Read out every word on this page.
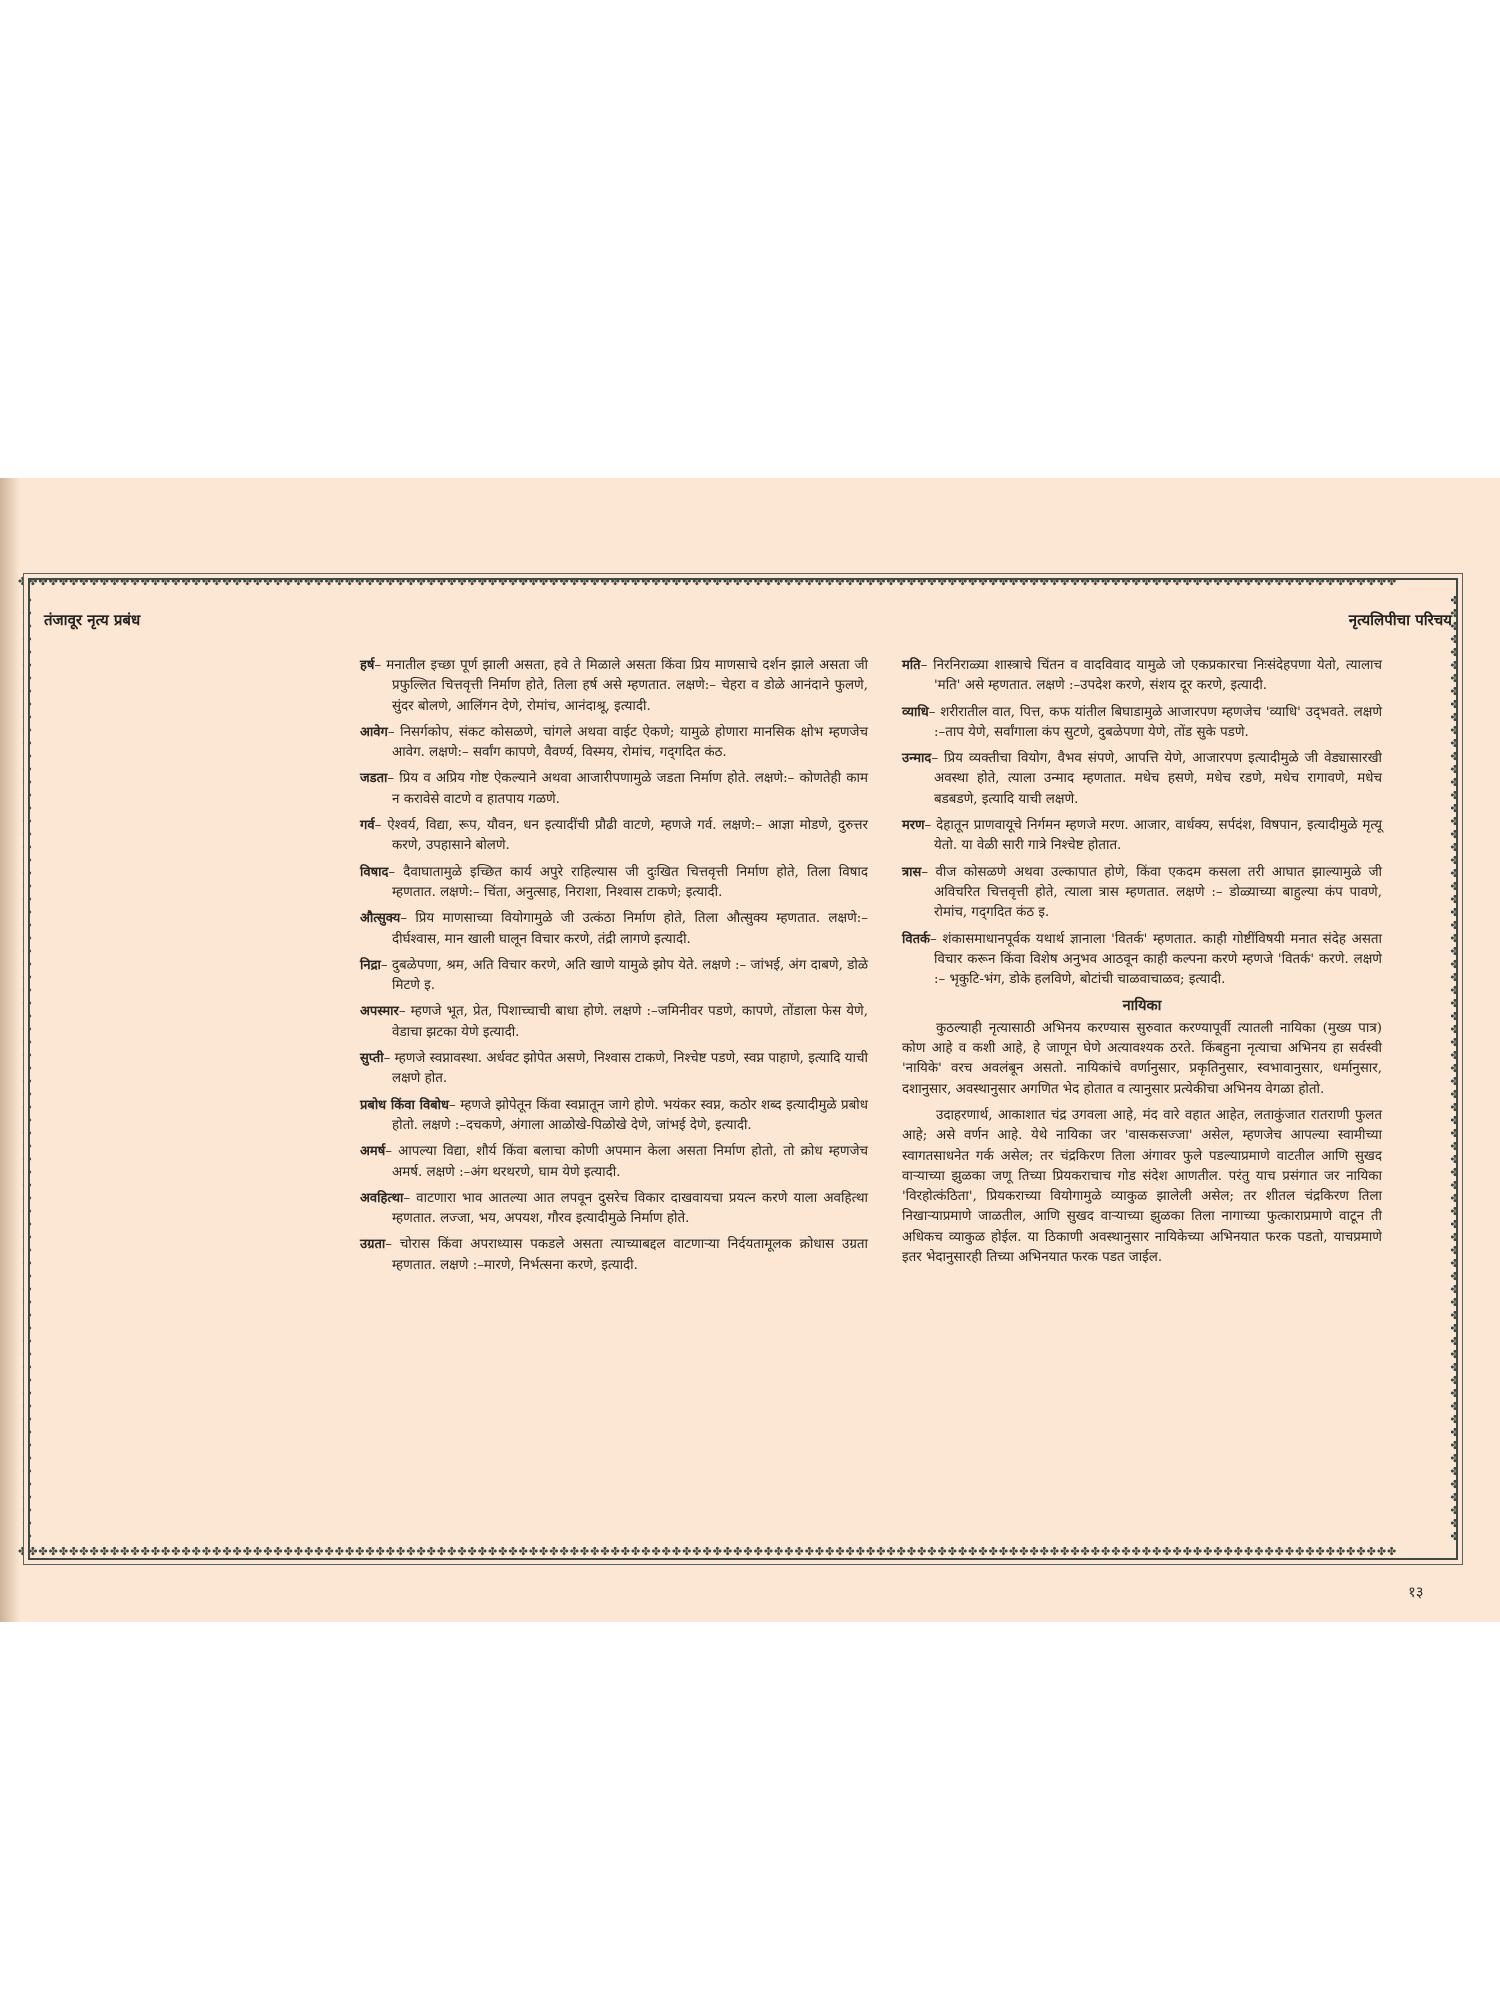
✤✤✤✤✤✤✤✤✤✤✤✤✤✤✤✤✤✤✤✤✤✤✤✤✤✤✤✤✤✤✤✤✤✤✤✤✤✤✤✤✤✤✤✤✤✤✤✤✤✤✤✤✤✤✤✤✤✤✤✤✤✤✤✤✤✤✤✤✤✤✤✤✤✤✤✤✤✤✤✤✤✤✤✤✤✤✤✤✤✤✤✤✤✤✤✤✤✤✤✤✤✤✤✤✤✤✤✤✤✤✤✤✤✤✤✤✤✤✤✤✤✤✤✤✤✤✤✤✤✤✤✤✤✤✤
✤✤✤✤✤✤✤✤✤✤✤✤✤✤✤✤✤✤✤✤✤✤✤✤✤✤✤✤✤✤✤✤✤✤✤✤✤✤✤✤✤✤✤✤✤✤✤✤✤✤✤✤✤✤✤✤✤✤✤✤✤✤✤✤✤✤✤✤✤✤✤✤✤✤✤✤✤✤✤✤✤✤✤✤✤✤✤✤✤✤✤✤✤✤✤✤✤✤✤✤✤✤✤✤✤✤✤✤✤✤✤✤✤✤✤✤✤✤✤✤✤✤✤✤✤✤✤✤✤✤✤✤✤✤✤
✤✤✤✤✤✤✤✤✤✤✤✤✤✤✤✤✤✤✤✤✤✤✤✤✤✤✤✤✤✤✤✤✤✤✤✤✤✤✤✤✤✤✤✤✤✤✤✤✤✤✤✤✤✤✤✤✤✤✤✤✤✤✤✤✤✤✤✤✤✤✤✤✤
✤✤✤✤✤✤✤✤✤✤✤✤✤✤✤✤✤✤✤✤✤✤✤✤✤✤✤✤✤✤✤✤✤✤✤✤✤✤✤✤✤✤✤✤✤✤✤✤✤✤✤✤✤✤✤✤✤✤✤✤✤✤✤✤✤✤✤✤✤✤✤✤✤
तंजावूर नृत्य प्रबंध	नृत्यलिपीचा परिचय

हर्ष– मनातील इच्छा पूर्ण झाली असता, हवे ते मिळाले असता किंवा प्रिय माणसाचे दर्शन झाले असता जी प्रफुल्लित चित्तवृत्ती निर्माण होते, तिला हर्ष असे म्हणतात. लक्षणे:– चेहरा व डोळे आनंदाने फुलणे, सुंदर बोलणे, आलिंगन देणे, रोमांच, आनंदाश्रू, इत्यादी.

आवेग– निसर्गकोप, संकट कोसळणे, चांगले अथवा वाईट ऐकणे; यामुळे होणारा मानसिक क्षोभ म्हणजेच आवेग. लक्षणे:– सर्वांग कापणे, वैवर्ण्य, विस्मय, रोमांच, गद्‌गदित कंठ.

जडता– प्रिय व अप्रिय गोष्ट ऐकल्याने अथवा आजारीपणामुळे जडता निर्माण होते. लक्षणे:– कोणतेही काम न करावेसे वाटणे व हातपाय गळणे.

गर्व– ऐश्वर्य, विद्या, रूप, यौवन, धन इत्यादींची प्रौढी वाटणे, म्हणजे गर्व. लक्षणे:– आज्ञा मोडणे, दुरुत्तर करणे, उपहासाने बोलणे.

विषाद– दैवाघातामुळे इच्छित कार्य अपुरे राहिल्यास जी दुःखित चित्तवृत्ती निर्माण होते, तिला विषाद म्हणतात. लक्षणे:– चिंता, अनुत्साह, निराशा, निश्वास टाकणे; इत्यादी.

औत्सुक्य– प्रिय माणसाच्या वियोगामुळे जी उत्कंठा निर्माण होते, तिला औत्सुक्य म्हणतात. लक्षणे:– दीर्घश्वास, मान खाली घालून विचार करणे, तंद्री लागणे इत्यादी.

निद्रा– दुबळेपणा, श्रम, अति विचार करणे, अति खाणे यामुळे झोप येते. लक्षणे :– जांभई, अंग दाबणे, डोळे मिटणे इ.

अपस्मार– म्हणजे भूत, प्रेत, पिशाच्चाची बाधा होणे. लक्षणे :–जमिनीवर पडणे, कापणे, तोंडाला फेस येणे, वेडाचा झटका येणे इत्यादी.

सुप्ती– म्हणजे स्वप्नावस्था. अर्धवट झोपेत असणे, निश्वास टाकणे, निश्चेष्ट पडणे, स्वप्न पाहाणे, इत्यादि याची लक्षणे होत.

प्रबोध किंवा विबोध– म्हणजे झोपेतून किंवा स्वप्नातून जागे होणे. भयंकर स्वप्न, कठोर शब्द इत्यादीमुळे प्रबोध होतो. लक्षणे :–दचकणे, अंगाला आळोखे-पिळोखे देणे, जांभई देणे, इत्यादी.

अमर्ष– आपल्या विद्या, शौर्य किंवा बलाचा कोणी अपमान केला असता निर्माण होतो, तो क्रोध म्हणजेच अमर्ष. लक्षणे :–अंग थरथरणे, घाम येणे इत्यादी.

अवहित्था– वाटणारा भाव आतल्या आत लपवून दुसरेच विकार दाखवायचा प्रयत्न करणे याला अवहित्था म्हणतात. लज्जा, भय, अपयश, गौरव इत्यादीमुळे निर्माण होते.

उग्रता– चोरास किंवा अपराध्यास पकडले असता त्याच्याबद्दल वाटणाऱ्या निर्दयतामूलक क्रोधास उग्रता म्हणतात. लक्षणे :–मारणे, निर्भत्सना करणे, इत्यादी.

मति– निरनिराळ्या शास्त्राचे चिंतन व वादविवाद यामुळे जो एकप्रकारचा निःसंदेहपणा येतो, त्यालाच 'मति' असे म्हणतात. लक्षणे :–उपदेश करणे, संशय दूर करणे, इत्यादी.

व्याधि– शरीरातील वात, पित्त, कफ यांतील बिघाडामुळे आजारपण म्हणजेच 'व्याधि' उद्‌भवते. लक्षणे :–ताप येणे, सर्वांगाला कंप सुटणे, दुबळेपणा येणे, तोंड सुके पडणे.

उन्माद– प्रिय व्यक्तीचा वियोग, वैभव संपणे, आपत्ति येणे, आजारपण इत्यादीमुळे जी वेड्यासारखी अवस्था होते, त्याला उन्माद म्हणतात. मधेच हसणे, मधेच रडणे, मधेच रागावणे, मधेच बडबडणे, इत्यादि याची लक्षणे.

मरण– देहातून प्राणवायूचे निर्गमन म्हणजे मरण. आजार, वार्धक्य, सर्पदंश, विषपान, इत्यादीमुळे मृत्यू येतो. या वेळी सारी गात्रे निश्चेष्ट होतात.

त्रास– वीज कोसळणे अथवा उल्कापात होणे, किंवा एकदम कसला तरी आघात झाल्यामुळे जी अविचरित चित्तवृत्ती होते, त्याला त्रास म्हणतात. लक्षणे :– डोळ्याच्या बाहुल्या कंप पावणे, रोमांच, गद्‌गदित कंठ इ.

वितर्क– शंकासमाधानपूर्वक यथार्थ ज्ञानाला 'वितर्क' म्हणतात. काही गोष्टींविषयी मनात संदेह असता विचार करून किंवा विशेष अनुभव आठवून काही कल्पना करणे म्हणजे 'वितर्क' करणे. लक्षणे :– भृकुटि-भंग, डोके हलविणे, बोटांची चाळवाचाळव; इत्यादी.

नायिका

कुठल्याही नृत्यासाठी अभिनय करण्यास सुरुवात करण्यापूर्वी त्यातली नायिका (मुख्य पात्र) कोण आहे व कशी आहे, हे जाणून घेणे अत्यावश्यक ठरते. किंबहुना नृत्याचा अभिनय हा सर्वस्वी 'नायिके' वरच अवलंबून असतो. नायिकांचे वर्णानुसार, प्रकृतिनुसार, स्वभावानुसार, धर्मानुसार, दशानुसार, अवस्थानुसार अगणित भेद होतात व त्यानुसार प्रत्येकीचा अभिनय वेगळा होतो.

उदाहरणार्थ, आकाशात चंद्र उगवला आहे, मंद वारे वहात आहेत, लताकुंजात रातराणी फुलत आहे; असे वर्णन आहे. येथे नायिका जर 'वासकसज्जा' असेल, म्हणजेच आपल्या स्वामीच्या स्वागतसाधनेत गर्क असेल; तर चंद्रकिरण तिला अंगावर फुले पडल्याप्रमाणे वाटतील आणि सुखद वाऱ्याच्या झुळका जणू तिच्या प्रियकराचाच गोड संदेश आणतील. परंतु याच प्रसंगात जर नायिका 'विरहोत्कंठिता', प्रियकराच्या वियोगामुळे व्याकुळ झालेली असेल; तर शीतल चंद्रकिरण तिला निखाऱ्याप्रमाणे जाळतील, आणि सुखद वाऱ्याच्या झुळका तिला नागाच्या फुत्काराप्रमाणे वाटून ती अधिकच व्याकुळ होईल. या ठिकाणी अवस्थानुसार नायिकेच्या अभिनयात फरक पडतो, याचप्रमाणे इतर भेदानुसारही तिच्या अभिनयात फरक पडत जाईल.

१३
